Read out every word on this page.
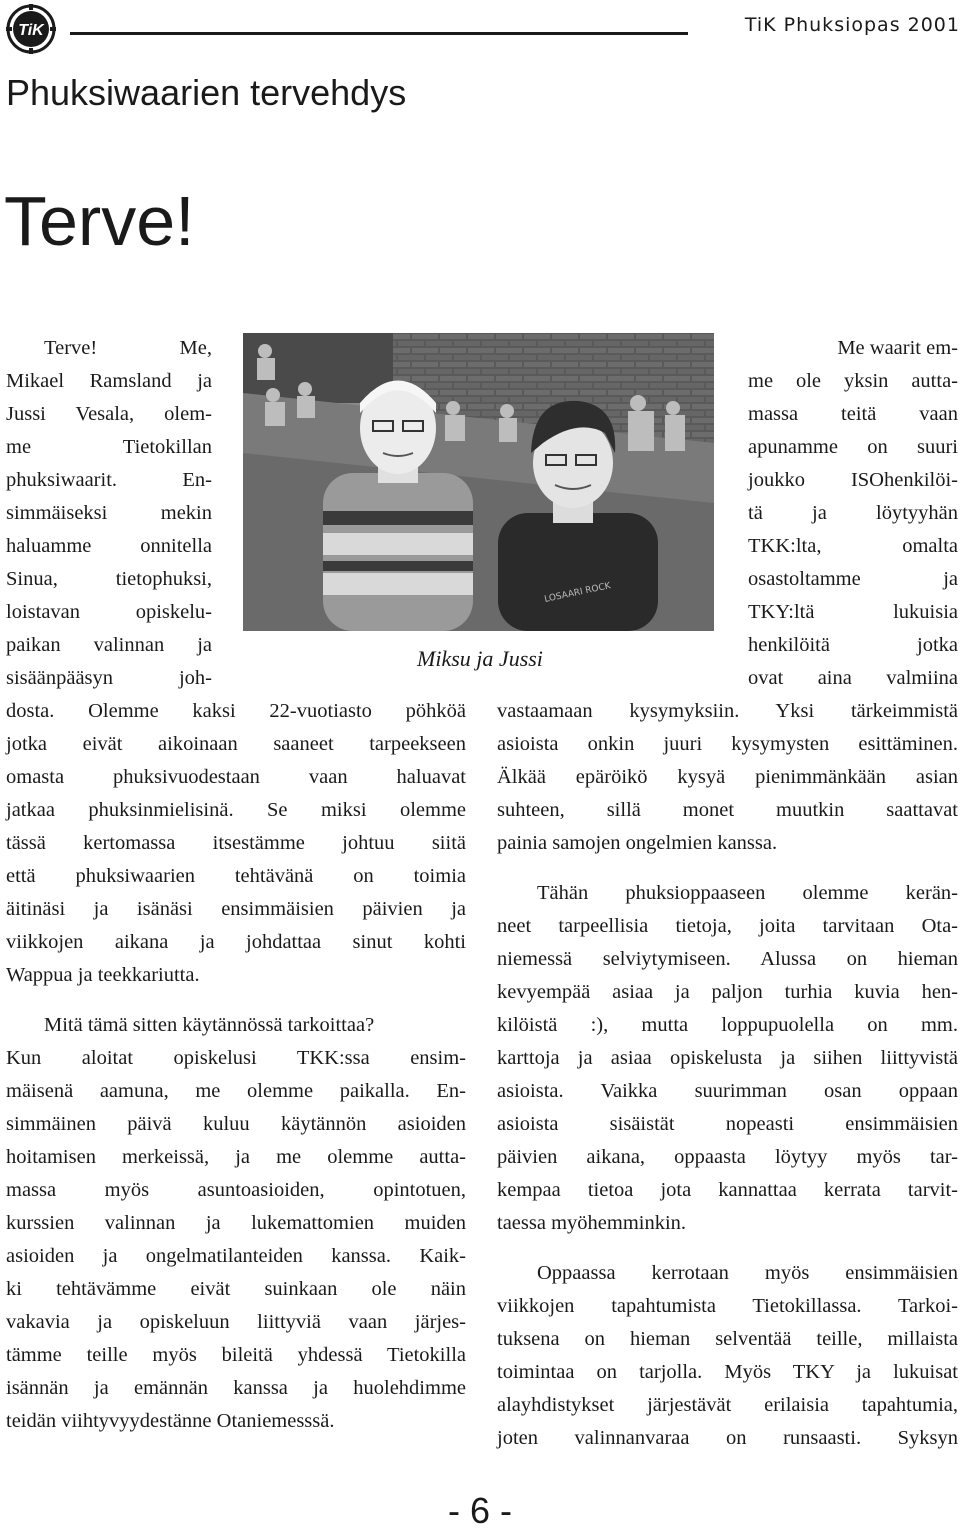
TiK	TiK Phuksiopas 2001
Phuksiwaarien tervehdys
Terve!
LOSAARI ROCK
Miksu ja Jussi
Terve! Me,
Mikael Ramsland ja
Jussi Vesala, olem-
me Tietokillan
phuksiwaarit. En-
simmäiseksi mekin
haluamme onnitella
Sinua, tietophuksi,
loistavan opiskelu-
paikan valinnan ja
sisäänpääsyn joh-
dosta. Olemme kaksi 22-vuotiasto pöhköä
jotka eivät aikoinaan saaneet tarpeekseen
omasta phuksivuodestaan vaan haluavat
jatkaa phuksinmielisinä. Se miksi olemme
tässä kertomassa itsestämme johtuu siitä
että phuksiwaarien tehtävänä on toimia
äitinäsi ja isänäsi ensimmäisien päivien ja
viikkojen aikana ja johdattaa sinut kohti
Wappua ja teekkariutta.
Mitä tämä sitten käytännössä tarkoittaa?
Kun aloitat opiskelusi TKK:ssa ensim-
mäisenä aamuna, me olemme paikalla. En-
simmäinen päivä kuluu käytännön asioiden
hoitamisen merkeissä, ja me olemme autta-
massa myös asuntoasioiden, opintotuen,
kurssien valinnan ja lukemattomien muiden
asioiden ja ongelmatilanteiden kanssa. Kaik-
ki tehtävämme eivät suinkaan ole näin
vakavia ja opiskeluun liittyviä vaan järjes-
tämme teille myös bileitä yhdessä Tietokilla
isännän ja emännän kanssa ja huolehdimme
teidän viihtyvyydestänne Otaniemesssä.
Me waarit em-
me ole yksin autta-
massa teitä vaan
apunamme on suuri
joukko ISOhenkilöi-
tä ja löytyyhän
TKK:lta, omalta
osastoltamme ja
TKY:ltä lukuisia
henkilöitä jotka
ovat aina valmiina
vastaamaan kysymyksiin. Yksi tärkeimmistä
asioista onkin juuri kysymysten esittäminen.
Älkää epäröikö kysyä pienimmänkään asian
suhteen, sillä monet muutkin saattavat
painia samojen ongelmien kanssa.
Tähän phuksioppaaseen olemme kerän-
neet tarpeellisia tietoja, joita tarvitaan Ota-
niemessä selviytymiseen. Alussa on hieman
kevyempää asiaa ja paljon turhia kuvia hen-
kilöistä :), mutta loppupuolella on mm.
karttoja ja asiaa opiskelusta ja siihen liittyvistä
asioista. Vaikka suurimman osan oppaan
asioista sisäistät nopeasti ensimmäisien
päivien aikana, oppaasta löytyy myös tar-
kempaa tietoa jota kannattaa kerrata tarvit-
taessa myöhemminkin.
Oppaassa kerrotaan myös ensimmäisien
viikkojen tapahtumista Tietokillassa. Tarkoi-
tuksena on hieman selventää teille, millaista
toimintaa on tarjolla. Myös TKY ja lukuisat
alayhdistykset järjestävät erilaisia tapahtumia,
joten valinnanvaraa on runsaasti. Syksyn
- 6 -
